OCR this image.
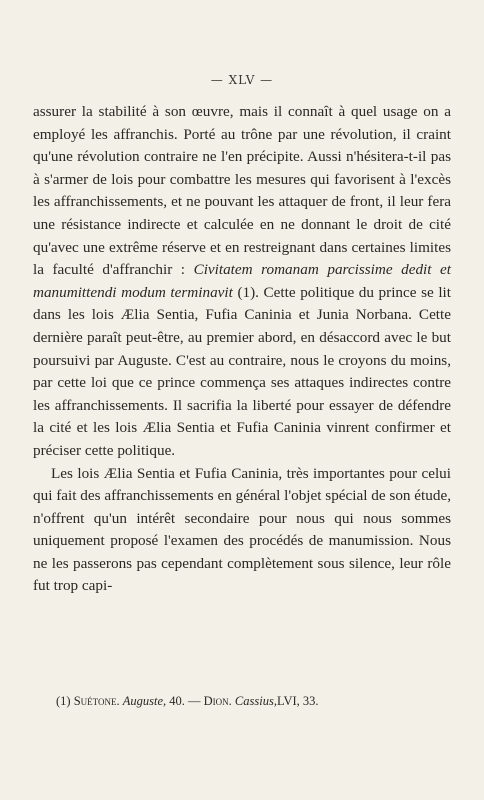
— XLV —

assurer la stabilité à son œuvre, mais il connaît à quel usage on a employé les affranchis. Porté au trône par une révolution, il craint qu'une révolution contraire ne l'en précipite. Aussi n'hésitera-t-il pas à s'armer de lois pour combattre les mesures qui favorisent à l'excès les affranchissements, et ne pouvant les attaquer de front, il leur fera une résistance indirecte et calculée en ne donnant le droit de cité qu'avec une extrême réserve et en restreignant dans certaines limites la faculté d'affranchir : Civitatem romanam parcissime dedit et manumittendi modum terminavit (1). Cette politique du prince se lit dans les lois Ælia Sentia, Fufia Caninia et Junia Norbana. Cette dernière paraît peut-être, au premier abord, en désaccord avec le but poursuivi par Auguste. C'est au contraire, nous le croyons du moins, par cette loi que ce prince commença ses attaques indirectes contre les affranchissements. Il sacrifia la liberté pour essayer de défendre la cité et les lois Ælia Sentia et Fufia Caninia vinrent confirmer et préciser cette politique.

Les lois Ælia Sentia et Fufia Caninia, très importantes pour celui qui fait des affranchissements en général l'objet spécial de son étude, n'offrent qu'un intérêt secondaire pour nous qui nous sommes uniquement proposé l'examen des procédés de manumission. Nous ne les passerons pas cependant complètement sous silence, leur rôle fut trop capi-

(1) Suétone. Auguste, 40. — Dion. Cassius,LVI, 33.
